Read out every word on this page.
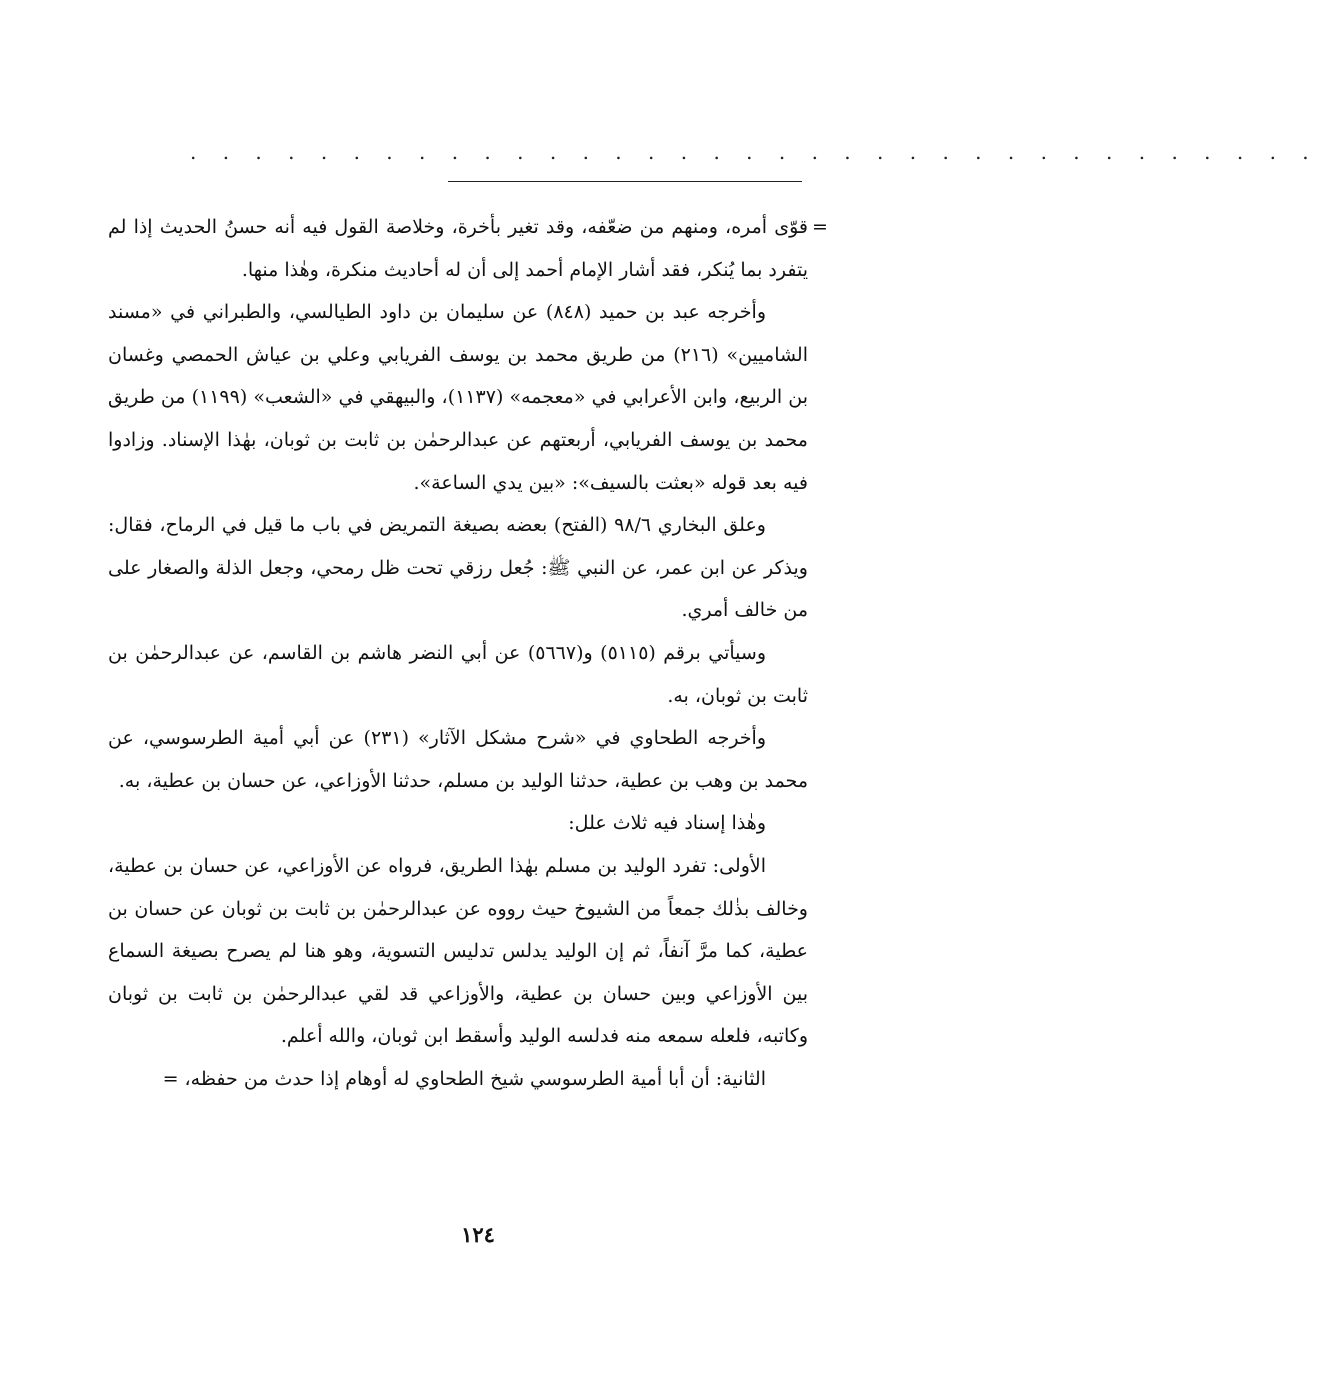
. . . . . . . . . . . . . . . . . . . . . . . . . . . . . . . . . . .
=

قوّى أمره، ومنهم من ضعّفه، وقد تغير بأخرة، وخلاصة القول فيه أنه حسنُ الحديث إذا لم يتفرد بما يُنكر، فقد أشار الإمام أحمد إلى أن له أحاديث منكرة، وهٰذا منها.

وأخرجه عبد بن حميد (٨٤٨) عن سليمان بن داود الطيالسي، والطبراني في «مسند الشاميين» (٢١٦) من طريق محمد بن يوسف الفريابي وعلي بن عياش الحمصي وغسان بن الربيع، وابن الأعرابي في «معجمه» (١١٣٧)، والبيهقي في «الشعب» (١١٩٩) من طريق محمد بن يوسف الفريابي، أربعتهم عن عبدالرحمٰن بن ثابت بن ثوبان، بهٰذا الإسناد. وزادوا فيه بعد قوله «بعثت بالسيف»: «بين يدي الساعة».

وعلق البخاري ٩٨/٦ (الفتح) بعضه بصيغة التمريض في باب ما قيل في الرماح، فقال: ويذكر عن ابن عمر، عن النبي ﷺ: جُعل رزقي تحت ظل رمحي، وجعل الذلة والصغار على من خالف أمري.

وسيأتي برقم (٥١١٥) و(٥٦٦٧) عن أبي النضر هاشم بن القاسم، عن عبدالرحمٰن بن ثابت بن ثوبان، به.

وأخرجه الطحاوي في «شرح مشكل الآثار» (٢٣١) عن أبي أمية الطرسوسي، عن محمد بن وهب بن عطية، حدثنا الوليد بن مسلم، حدثنا الأوزاعي، عن حسان بن عطية، به.

وهٰذا إسناد فيه ثلاث علل:

الأولى: تفرد الوليد بن مسلم بهٰذا الطريق، فرواه عن الأوزاعي، عن حسان بن عطية، وخالف بذٰلك جمعاً من الشيوخ حيث رووه عن عبدالرحمٰن بن ثابت بن ثوبان عن حسان بن عطية، كما مرَّ آنفاً، ثم إن الوليد يدلس تدليس التسوية، وهو هنا لم يصرح بصيغة السماع بين الأوزاعي وبين حسان بن عطية، والأوزاعي قد لقي عبدالرحمٰن بن ثابت بن ثوبان وكاتبه، فلعله سمعه منه فدلسه الوليد وأسقط ابن ثوبان، والله أعلم.

الثانية: أن أبا أمية الطرسوسي شيخ الطحاوي له أوهام إذا حدث من حفظه، =

١٢٤
